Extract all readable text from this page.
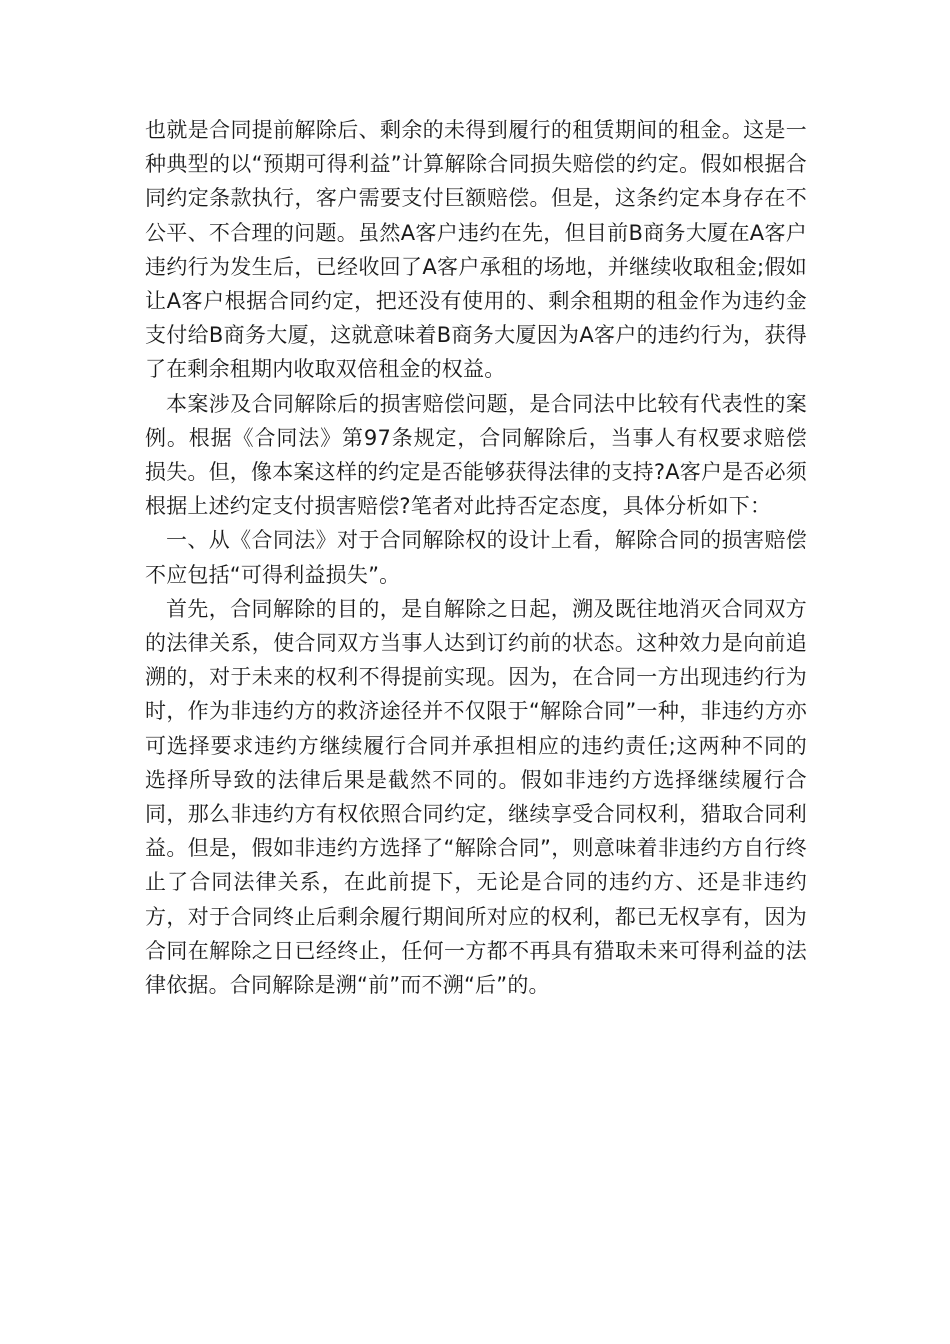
也就是合同提前解除后、剩余的未得到履行的租赁期间的租金。这是一种典型的以“预期可得利益”计算解除合同损失赔偿的约定。假如根据合同约定条款执行，客户需要支付巨额赔偿。但是，这条约定本身存在不公平、不合理的问题。虽然A客户违约在先，但目前B商务大厦在A客户违约行为发生后，已经收回了A客户承租的场地，并继续收取租金;假如让A客户根据合同约定，把还没有使用的、剩余租期的租金作为违约金支付给B商务大厦，这就意味着B商务大厦因为A客户的违约行为，获得了在剩余租期内收取双倍租金的权益。

本案涉及合同解除后的损害赔偿问题，是合同法中比较有代表性的案例。根据《合同法》第97条规定，合同解除后，当事人有权要求赔偿损失。但，像本案这样的约定是否能够获得法律的支持?A客户是否必须根据上述约定支付损害赔偿?笔者对此持否定态度，具体分析如下：

一、从《合同法》对于合同解除权的设计上看，解除合同的损害赔偿不应包括“可得利益损失”。

首先，合同解除的目的，是自解除之日起，溯及既往地消灭合同双方的法律关系，使合同双方当事人达到订约前的状态。这种效力是向前追溯的，对于未来的权利不得提前实现。因为，在合同一方出现违约行为时，作为非违约方的救济途径并不仅限于“解除合同”一种，非违约方亦可选择要求违约方继续履行合同并承担相应的违约责任;这两种不同的选择所导致的法律后果是截然不同的。假如非违约方选择继续履行合同，那么非违约方有权依照合同约定，继续享受合同权利，猎取合同利益。但是，假如非违约方选择了“解除合同”，则意味着非违约方自行终止了合同法律关系，在此前提下，无论是合同的违约方、还是非违约方，对于合同终止后剩余履行期间所对应的权利，都已无权享有，因为合同在解除之日已经终止，任何一方都不再具有猎取未来可得利益的法律依据。合同解除是溯“前”而不溯“后”的。
